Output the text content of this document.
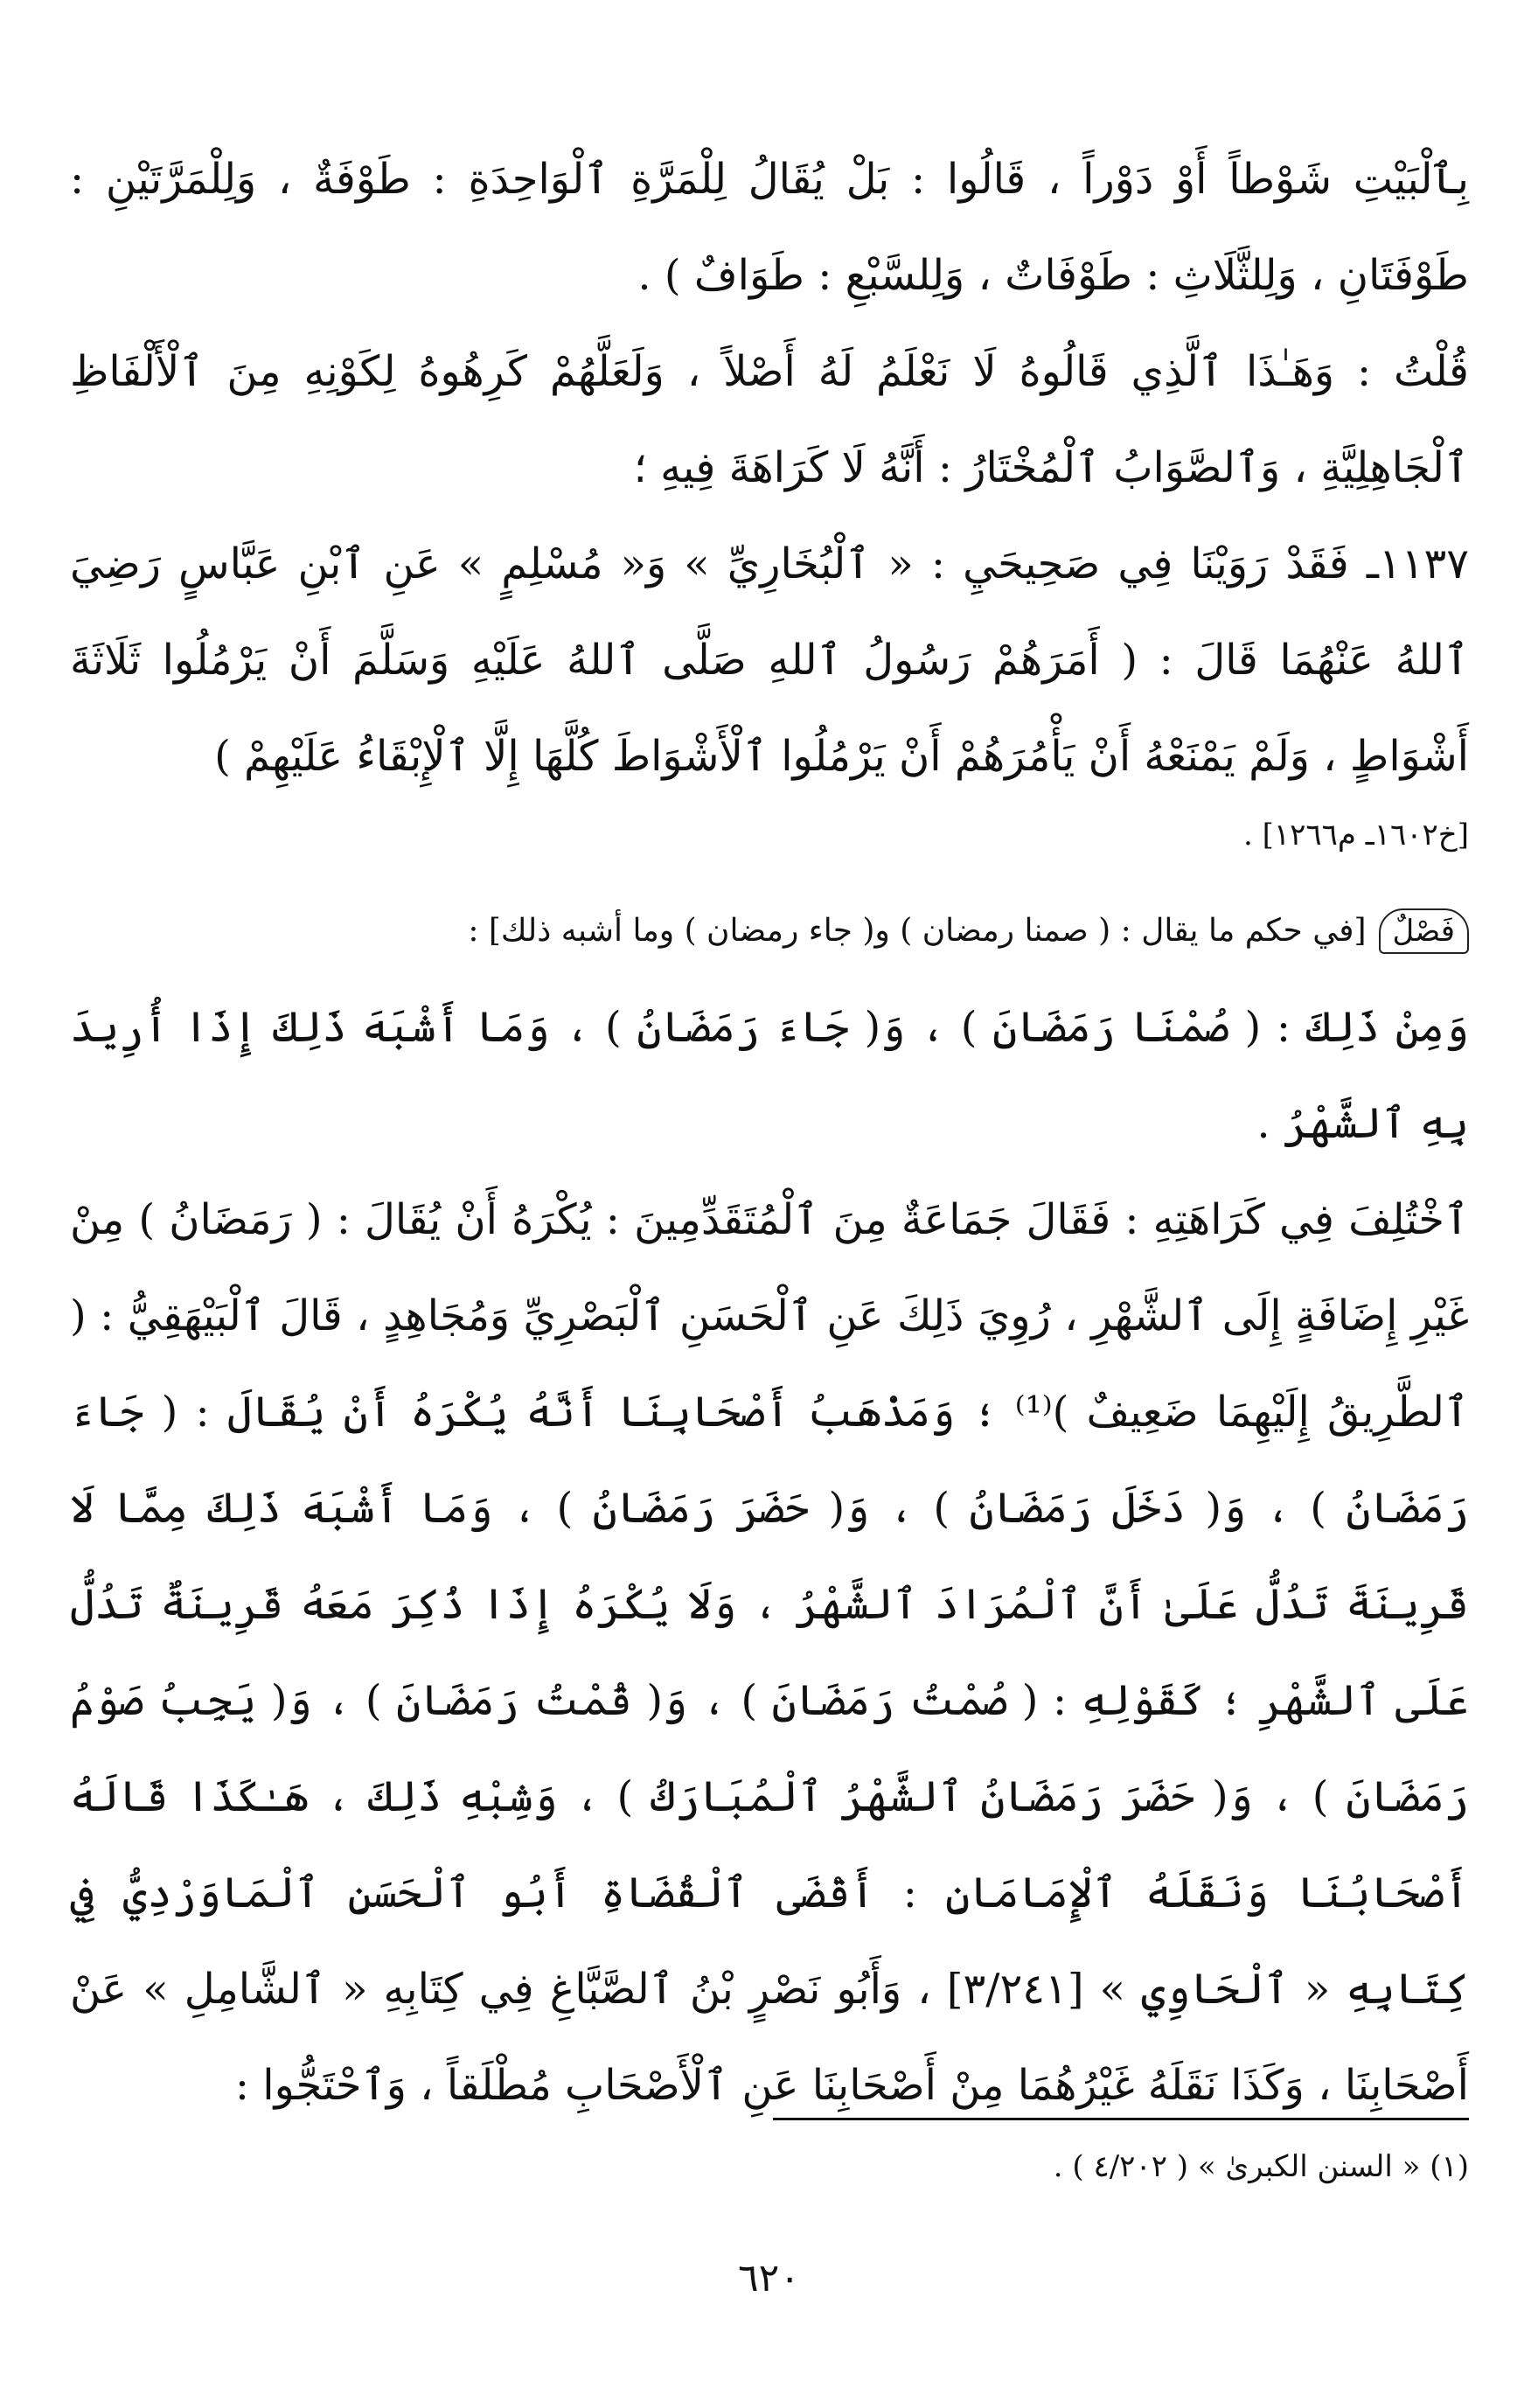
بِٱلْبَيْتِ شَوْطاً أَوْ دَوْراً ، قَالُوا : بَلْ يُقَالُ لِلْمَرَّةِ ٱلْوَاحِدَةِ : طَوْفَةٌ ، وَلِلْمَرَّتَيْنِ : طَوْفَتَانِ ، وَلِلثَّلَاثِ : طَوْفَاتٌ ، وَلِلسَّبْعِ : طَوَافٌ ) .

قُلْتُ : وَهَـٰذَا ٱلَّذِي قَالُوهُ لَا نَعْلَمُ لَهُ أَصْلاً ، وَلَعَلَّهُمْ كَرِهُوهُ لِكَوْنِهِ مِنَ ٱلْأَلْفَاظِ ٱلْجَاهِلِيَّةِ ، وَٱلصَّوَابُ ٱلْمُخْتَارُ : أَنَّهُ لَا كَرَاهَةَ فِيهِ ؛

١١٣٧ـ فَقَدْ رَوَيْنَا فِي صَحِيحَيِ : « ٱلْبُخَارِيِّ » وَ« مُسْلِمٍ » عَنِ ٱبْنِ عَبَّاسٍ رَضِيَ ٱللهُ عَنْهُمَا قَالَ : ( أَمَرَهُمْ رَسُولُ ٱللهِ صَلَّى ٱللهُ عَلَيْهِ وَسَلَّمَ أَنْ يَرْمُلُوا ثَلَاثَةَ أَشْوَاطٍ ، وَلَمْ يَمْنَعْهُ أَنْ يَأْمُرَهُمْ أَنْ يَرْمُلُوا ٱلْأَشْوَاطَ كُلَّهَا إِلَّا ٱلْإِبْقَاءُ عَلَيْهِمْ )

[خ١٦٠٢ـ م١٢٦٦] .

فَصْلٌ
[في حكم ما يقال : ( صمنا رمضان ) و( جاء رمضان ) وما أشبه ذلك] :

وَمِنْ ذَلِكَ : ( صُمْنَا رَمَضَانَ ) ، وَ( جَاءَ رَمَضَانُ ) ، وَمَا أَشْبَهَ ذَلِكَ إِذَا أُرِيدَ بِهِ ٱلشَّهْرُ .

ٱخْتُلِفَ فِي كَرَاهَتِهِ : فَقَالَ جَمَاعَةٌ مِنَ ٱلْمُتَقَدِّمِينَ : يُكْرَهُ أَنْ يُقَالَ : ( رَمَضَانُ ) مِنْ غَيْرِ إِضَافَةٍ إِلَى ٱلشَّهْرِ ، رُوِيَ ذَلِكَ عَنِ ٱلْحَسَنِ ٱلْبَصْرِيِّ وَمُجَاهِدٍ ، قَالَ ٱلْبَيْهَقِيُّ : ( ٱلطَّرِيقُ إِلَيْهِمَا ضَعِيفٌ )⁽¹⁾ ؛ وَمَذْهَبُ أَصْحَابِنَا أَنَّهُ يُكْرَهُ أَنْ يُقَالَ : ( جَاءَ رَمَضَانُ ) ، وَ( دَخَلَ رَمَضَانُ ) ، وَ( حَضَرَ رَمَضَانُ ) ، وَمَا أَشْبَهَ ذَلِكَ مِمَّا لَا قَرِينَةَ تَدُلُّ عَلَىٰ أَنَّ ٱلْمُرَادَ ٱلشَّهْرُ ، وَلَا يُكْرَهُ إِذَا ذُكِرَ مَعَهُ قَرِينَةٌ تَدُلُّ عَلَى ٱلشَّهْرِ ؛ كَقَوْلِهِ : ( صُمْتُ رَمَضَانَ ) ، وَ( قُمْتُ رَمَضَانَ ) ، وَ( يَجِبُ صَوْمُ رَمَضَانَ ) ، وَ( حَضَرَ رَمَضَانُ ٱلشَّهْرُ ٱلْمُبَارَكُ ) ، وَشِبْهِ ذَلِكَ ، هَـٰكَذَا قَالَهُ أَصْحَابُنَا وَنَقَلَهُ ٱلْإِمَامَانِ : أَقْضَى ٱلْقُضَاةِ أَبُو ٱلْحَسَنِ ٱلْمَاوَرْدِيُّ فِي كِتَابِهِ « ٱلْحَاوِي » [٣/٢٤١] ، وَأَبُو نَصْرٍ بْنُ ٱلصَّبَّاغِ فِي كِتَابِهِ « ٱلشَّامِلِ » عَنْ أَصْحَابِنَا ، وَكَذَا نَقَلَهُ غَيْرُهُمَا مِنْ أَصْحَابِنَا عَنِ ٱلْأَصْحَابِ مُطْلَقاً ، وَٱحْتَجُّوا :

(١) « السنن الكبرىٰ » ( ٤/٢٠٢ ) .
٦٢٠
